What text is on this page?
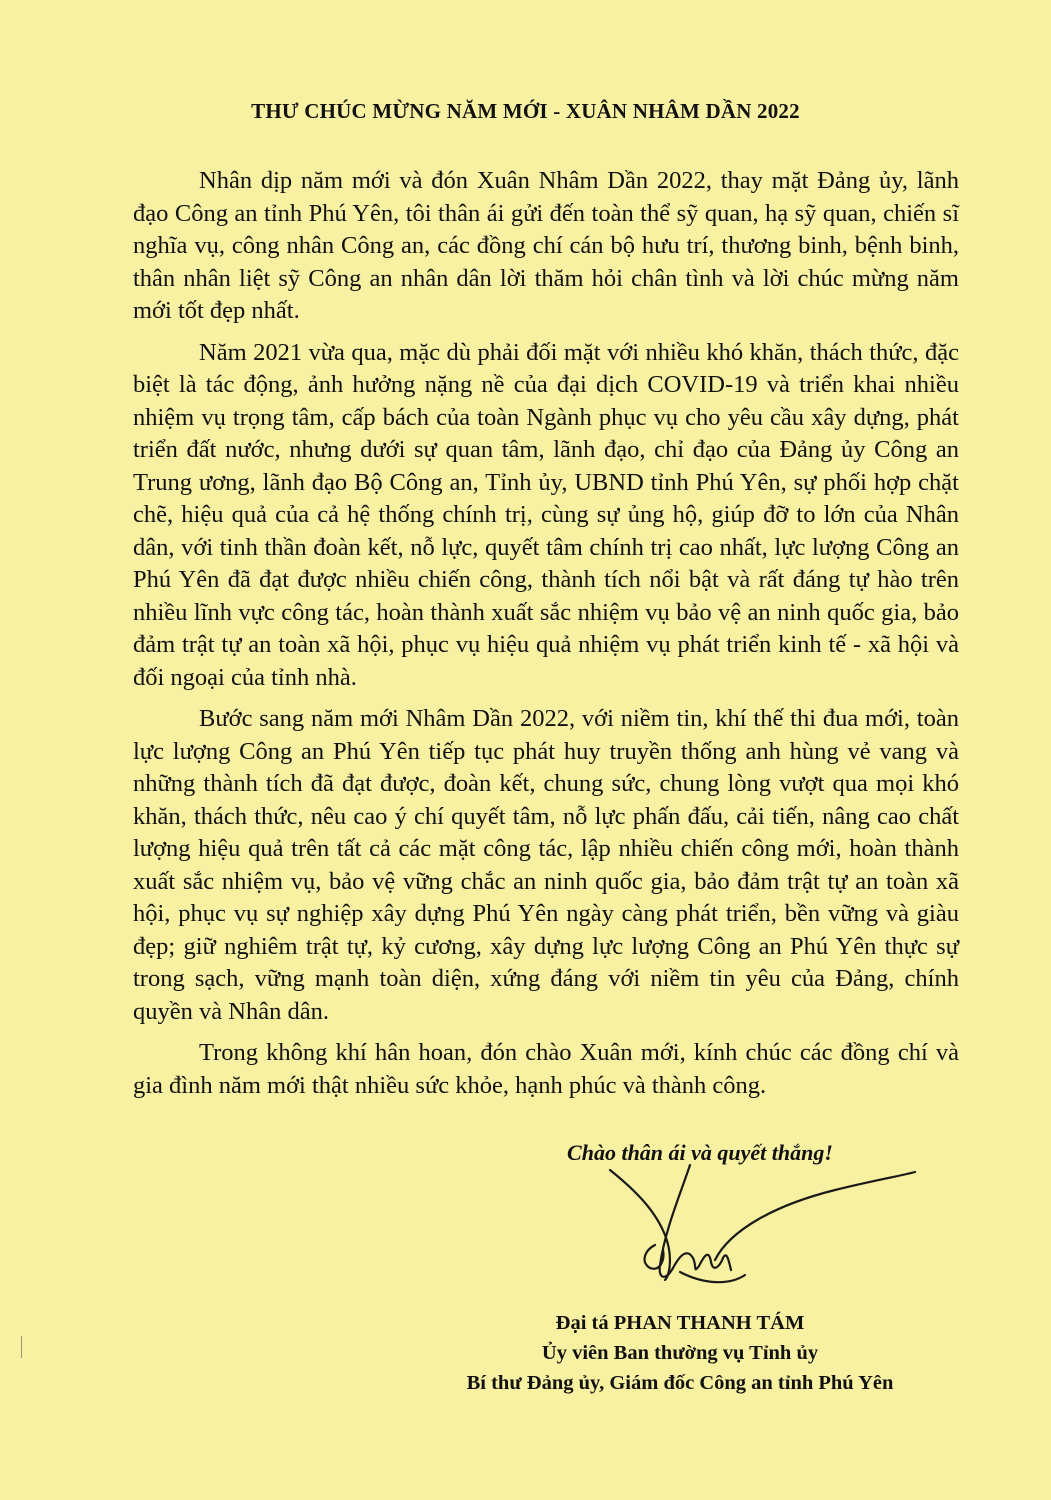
THƯ CHÚC MỪNG NĂM MỚI - XUÂN NHÂM DẦN 2022

Nhân dịp năm mới và đón Xuân Nhâm Dần 2022, thay mặt Đảng ủy, lãnh đạo Công an tỉnh Phú Yên, tôi thân ái gửi đến toàn thể sỹ quan, hạ sỹ quan, chiến sĩ nghĩa vụ, công nhân Công an, các đồng chí cán bộ hưu trí, thương binh, bệnh binh, thân nhân liệt sỹ Công an nhân dân lời thăm hỏi chân tình và lời chúc mừng năm mới tốt đẹp nhất.

Năm 2021 vừa qua, mặc dù phải đối mặt với nhiều khó khăn, thách thức, đặc biệt là tác động, ảnh hưởng nặng nề của đại dịch COVID-19 và triển khai nhiều nhiệm vụ trọng tâm, cấp bách của toàn Ngành phục vụ cho yêu cầu xây dựng, phát triển đất nước, nhưng dưới sự quan tâm, lãnh đạo, chỉ đạo của Đảng ủy Công an Trung ương, lãnh đạo Bộ Công an, Tỉnh ủy, UBND tỉnh Phú Yên, sự phối hợp chặt chẽ, hiệu quả của cả hệ thống chính trị, cùng sự ủng hộ, giúp đỡ to lớn của Nhân dân, với tinh thần đoàn kết, nỗ lực, quyết tâm chính trị cao nhất, lực lượng Công an Phú Yên đã đạt được nhiều chiến công, thành tích nổi bật và rất đáng tự hào trên nhiều lĩnh vực công tác, hoàn thành xuất sắc nhiệm vụ bảo vệ an ninh quốc gia, bảo đảm trật tự an toàn xã hội, phục vụ hiệu quả nhiệm vụ phát triển kinh tế - xã hội và đối ngoại của tỉnh nhà.

Bước sang năm mới Nhâm Dần 2022, với niềm tin, khí thế thi đua mới, toàn lực lượng Công an Phú Yên tiếp tục phát huy truyền thống anh hùng vẻ vang và những thành tích đã đạt được, đoàn kết, chung sức, chung lòng vượt qua mọi khó khăn, thách thức, nêu cao ý chí quyết tâm, nỗ lực phấn đấu, cải tiến, nâng cao chất lượng hiệu quả trên tất cả các mặt công tác, lập nhiều chiến công mới, hoàn thành xuất sắc nhiệm vụ, bảo vệ vững chắc an ninh quốc gia, bảo đảm trật tự an toàn xã hội, phục vụ sự nghiệp xây dựng Phú Yên ngày càng phát triển, bền vững và giàu đẹp; giữ nghiêm trật tự, kỷ cương, xây dựng lực lượng Công an Phú Yên thực sự trong sạch, vững mạnh toàn diện, xứng đáng với niềm tin yêu của Đảng, chính quyền và Nhân dân.

Trong không khí hân hoan, đón chào Xuân mới, kính chúc các đồng chí và gia đình năm mới thật nhiều sức khỏe, hạnh phúc và thành công.

Chào thân ái và quyết thắng!
Đại tá PHAN THANH TÁM
Ủy viên Ban thường vụ Tỉnh ủy
Bí thư Đảng ủy, Giám đốc Công an tỉnh Phú Yên
